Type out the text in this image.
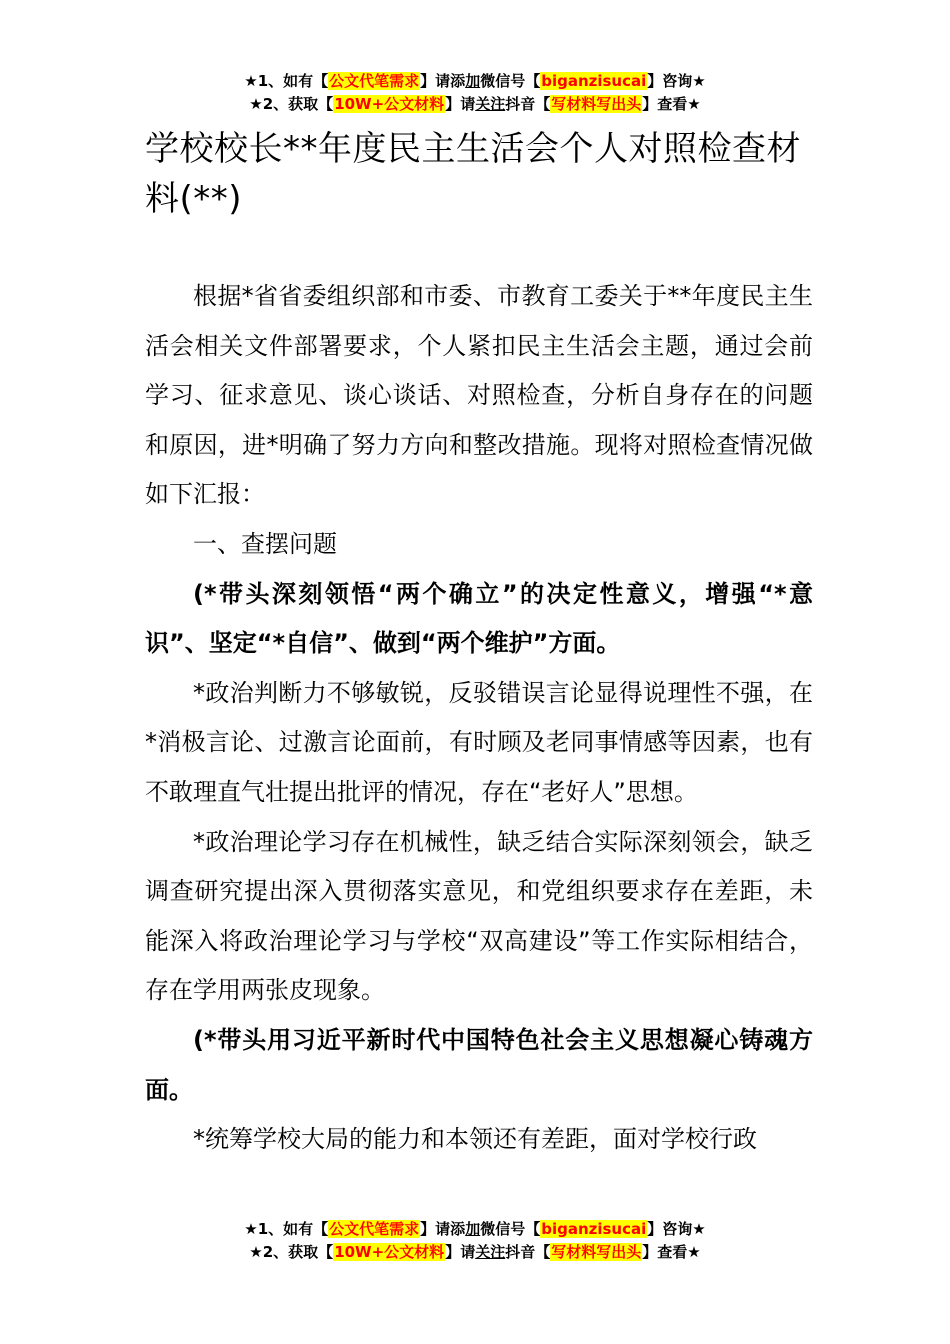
★1、如有【公文代笔需求】请添加微信号【biganzisucai】咨询★
★2、获取【10W+公文材料】请关注抖音【写材料写出头】查看★
学校校长**年度民主生活会个人对照检查材料(**)

根据*省省委组织部和市委、市教育工委关于**年度民主生活会相关文件部署要求，个人紧扣民主生活会主题，通过会前学习、征求意见、谈心谈话、对照检查，分析自身存在的问题和原因，进*明确了努力方向和整改措施。现将对照检查情况做如下汇报：

一、查摆问题

(*带头深刻领悟“两个确立”的决定性意义，增强“*意识”、坚定“*自信”、做到“两个维护”方面。

*政治判断力不够敏锐，反驳错误言论显得说理性不强，在*消极言论、过激言论面前，有时顾及老同事情感等因素，也有不敢理直气壮提出批评的情况，存在“老好人”思想。

*政治理论学习存在机械性，缺乏结合实际深刻领会，缺乏调查研究提出深入贯彻落实意见，和党组织要求存在差距，未能深入将政治理论学习与学校“双高建设”等工作实际相结合，存在学用两张皮现象。

(*带头用习近平新时代中国特色社会主义思想凝心铸魂方面。

*统筹学校大局的能力和本领还有差距，面对学校行政

★1、如有【公文代笔需求】请添加微信号【biganzisucai】咨询★
★2、获取【10W+公文材料】请关注抖音【写材料写出头】查看★
